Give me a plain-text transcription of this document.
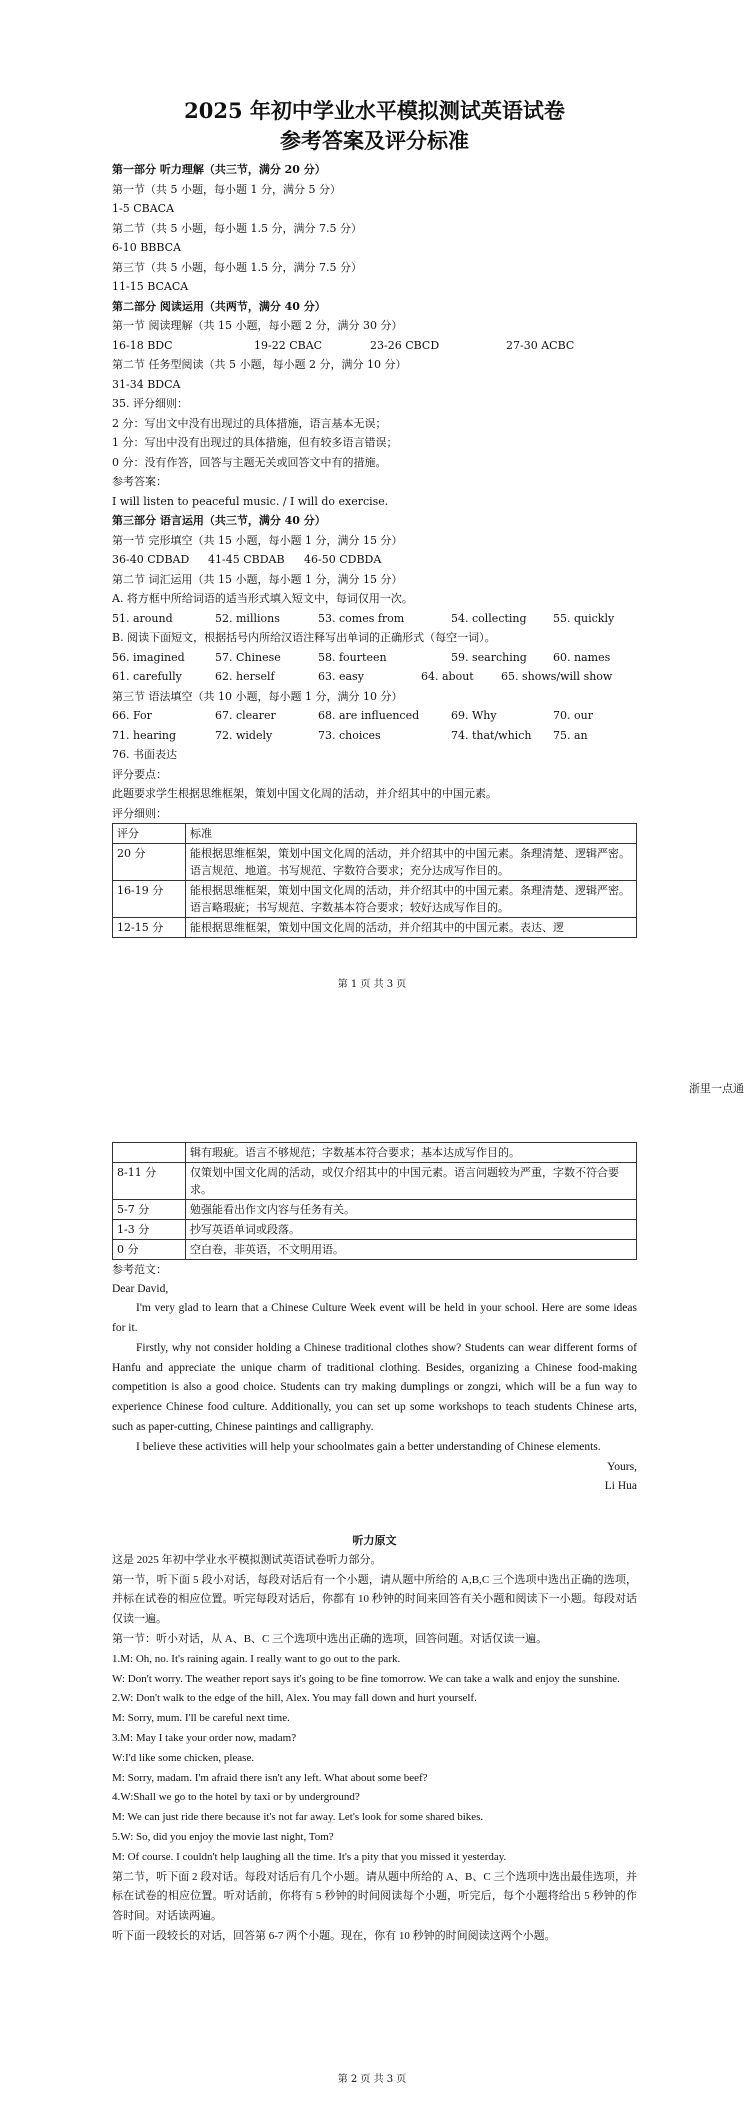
2025 年初中学业水平模拟测试英语试卷
参考答案及评分标准
第一部分 听力理解（共三节，满分 20 分）
第一节（共 5 小题，每小题 1 分，满分 5 分）
1-5 CBACA
第二节（共 5 小题，每小题 1.5 分，满分 7.5 分）
6-10 BBBCA
第三节（共 5 小题，每小题 1.5 分，满分 7.5 分）
11-15 BCACA
第二部分 阅读运用（共两节，满分 40 分）
第一节 阅读理解（共 15 小题，每小题 2 分，满分 30 分）
16-18 BDC	19-22 CBAC	23-26 CBCD	27-30 ACBC
第二节 任务型阅读（共 5 小题，每小题 2 分，满分 10 分）
31-34 BDCA
35. 评分细则：
2 分：写出文中没有出现过的具体措施，语言基本无误；
1 分：写出中没有出现过的具体措施，但有较多语言错误；
0 分：没有作答，回答与主题无关或回答文中有的措施。
参考答案：
I will listen to peaceful music. / I will do exercise.
第三部分 语言运用（共三节，满分 40 分）
第一节 完形填空（共 15 小题，每小题 1 分，满分 15 分）
36-40 CDBAD 41-45 CBDAB 46-50 CDBDA
第二节 词汇运用（共 15 小题，每小题 1 分，满分 15 分）
A. 将方框中所给词语的适当形式填入短文中，每词仅用一次。
51. around	52. millions	53. comes from	54. collecting 55. quickly
B. 阅读下面短文，根据括号内所给汉语注释写出单词的正确形式（每空一词）。
56. imagined	57. Chinese	58. fourteen	59. searching 60. names
61. carefully	62. herself	63. easy	64. about 65. shows/will show
第三节 语法填空（共 10 小题，每小题 1 分，满分 10 分）
66. For	67. clearer	68. are influenced	69. Why	70. our
71. hearing	72. widely	73. choices	74. that/which 75. an
76. 书面表达
评分要点：
此题要求学生根据思维框架，策划中国文化周的活动，并介绍其中的中国元素。
评分细则：
评分	标准
20 分	能根据思维框架，策划中国文化周的活动，并介绍其中的中国元素。条理清楚、逻辑严密。语言规范、地道。书写规范、字数符合要求；充分达成写作目的。
16-19 分	能根据思维框架，策划中国文化周的活动，并介绍其中的中国元素。条理清楚、逻辑严密。语言略瑕疵；书写规范、字数基本符合要求；较好达成写作目的。
12-15 分	能根据思维框架，策划中国文化周的活动，并介绍其中的中国元素。表达、逻
第 1 页 共 3 页
浙里一点通
	辑有瑕疵。语言不够规范；字数基本符合要求；基本达成写作目的。
8-11 分	仅策划中国文化周的活动，或仅介绍其中的中国元素。语言问题较为严重，字数不符合要求。
5-7 分	勉强能看出作文内容与任务有关。
1-3 分	抄写英语单词或段落。
0 分	空白卷，非英语，不文明用语。
参考范文：
Dear David,
I'm very glad to learn that a Chinese Culture Week event will be held in your school. Here are some ideas for it.
Firstly, why not consider holding a Chinese traditional clothes show? Students can wear different forms of Hanfu and appreciate the unique charm of traditional clothing. Besides, organizing a Chinese food-making competition is also a good choice. Students can try making dumplings or zongzi, which will be a fun way to experience Chinese food culture. Additionally, you can set up some workshops to teach students Chinese arts, such as paper-cutting, Chinese paintings and calligraphy.
I believe these activities will help your schoolmates gain a better understanding of Chinese elements.
Yours,
Li Hua
听力原文
这是 2025 年初中学业水平模拟测试英语试卷听力部分。
第一节，听下面 5 段小对话，每段对话后有一个小题，请从题中所给的 A,B,C 三个选项中选出正确的选项，并标在试卷的相应位置。听完每段对话后，你都有 10 秒钟的时间来回答有关小题和阅读下一小题。每段对话仅读一遍。
第一节：听小对话，从 A、B、C 三个选项中选出正确的选项，回答问题。对话仅读一遍。
1.M: Oh, no. It's raining again. I really want to go out to the park.
W: Don't worry. The weather report says it's going to be fine tomorrow. We can take a walk and enjoy the sunshine.
2.W: Don't walk to the edge of the hill, Alex. You may fall down and hurt yourself.
M: Sorry, mum. I'll be careful next time.
3.M: May I take your order now, madam?
W:I'd like some chicken, please.
M: Sorry, madam. I'm afraid there isn't any left. What about some beef?
4.W:Shall we go to the hotel by taxi or by underground?
M: We can just ride there because it's not far away. Let's look for some shared bikes.
5.W: So, did you enjoy the movie last night, Tom?
M: Of course. I couldn't help laughing all the time. It's a pity that you missed it yesterday.
第二节，听下面 2 段对话。每段对话后有几个小题。请从题中所给的 A、B、C 三个选项中选出最佳选项，并标在试卷的相应位置。听对话前，你将有 5 秒钟的时间阅读每个小题，听完后，每个小题将给出 5 秒钟的作答时间。对话读两遍。
听下面一段较长的对话，回答第 6-7 两个小题。现在，你有 10 秒钟的时间阅读这两个小题。
第 2 页 共 3 页
